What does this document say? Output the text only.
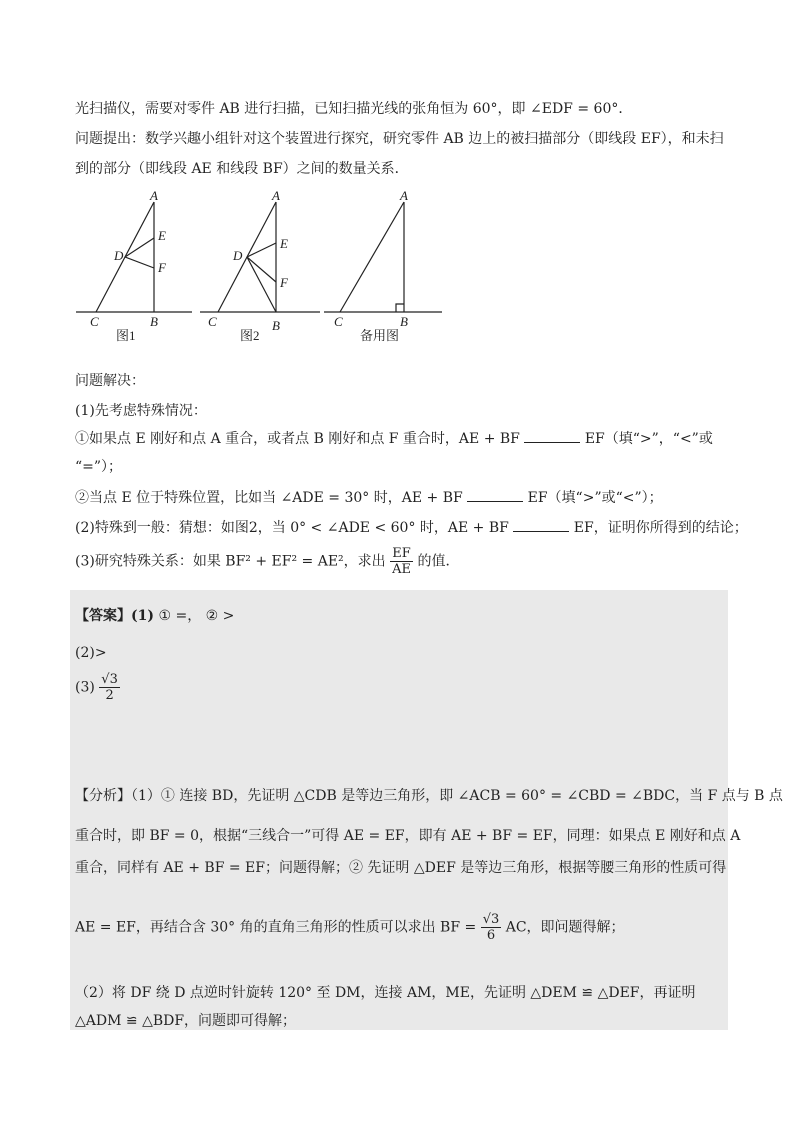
光扫描仪，需要对零件 AB 进行扫描，已知扫描光线的张角恒为 60°，即 ∠EDF = 60°．
问题提出：数学兴趣小组针对这个装置进行探究，研究零件 AB 边上的被扫描部分（即线段 EF），和未扫
到的部分（即线段 AE 和线段 BF）之间的数量关系．
A
E
D
F
C	B
A
E
D
F
C	B
A
C	B
图1	图2	备用图
问题解决：
(1)先考虑特殊情况：
①如果点 E 刚好和点 A 重合，或者点 B 刚好和点 F 重合时，AE + BF	EF（填“>”，“<”或
“=”）；
②当点 E 位于特殊位置，比如当 ∠ADE = 30° 时，AE + BF	EF（填“>”或“<”）；
(2)特殊到一般：猜想：如图2，当 0° < ∠ADE < 60° 时，AE + BF	EF，证明你所得到的结论；
(3)研究特殊关系：如果 BF² + EF² = AE²，求出 $\frac{EF}{AE}$ 的值．
【答案】(1) ① =， ② >
(2)>
$(3) \frac{√3}{2}$
【分析】（1）① 连接 BD，先证明 △CDB 是等边三角形，即 ∠ACB = 60° = ∠CBD = ∠BDC，当 F 点与 B 点
重合时，即 BF = 0，根据“三线合一”可得 AE = EF，即有 AE + BF = EF，同理：如果点 E 刚好和点 A
重合，同样有 AE + BF = EF；问题得解；② 先证明 △DEF 是等边三角形，根据等腰三角形的性质可得
AE = EF，再结合含 30° 角的直角三角形的性质可以求出 BF = $\frac{√3}{6}$ AC，即问题得解；
（2）将 DF 绕 D 点逆时针旋转 120° 至 DM，连接 AM，ME，先证明 △DEM ≌ △DEF，再证明
△ADM ≌ △BDF，问题即可得解；
